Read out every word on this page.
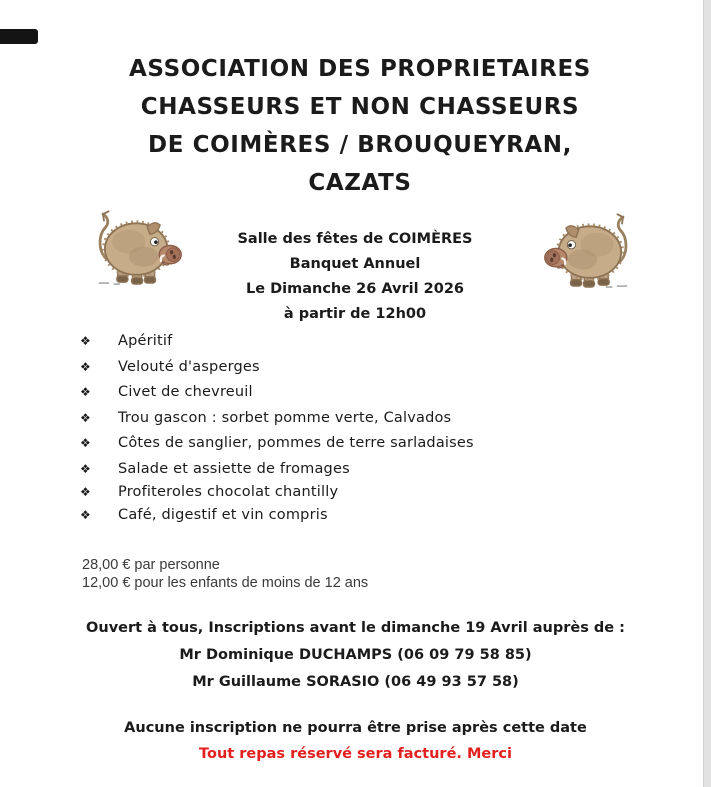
ASSOCIATION DES PROPRIETAIRES
CHASSEURS ET NON CHASSEURS
DE COIMÈRES / BROUQUEYRAN,
CAZATS
Salle des fêtes de COIMÈRES
Banquet Annuel
Le Dimanche 26 Avril 2026
à partir de 12h00
❖	Apéritif
❖	Velouté d'asperges
❖	Civet de chevreuil
❖	Trou gascon : sorbet pomme verte, Calvados
❖	Côtes de sanglier, pommes de terre sarladaises
❖	Salade et assiette de fromages
❖	Profiteroles chocolat chantilly
❖	Café, digestif et vin compris
28,00 € par personne
12,00 € pour les enfants de moins de 12 ans
Ouvert à tous, Inscriptions avant le dimanche 19 Avril auprès de :
Mr Dominique DUCHAMPS (06 09 79 58 85)
Mr Guillaume SORASIO (06 49 93 57 58)
Aucune inscription ne pourra être prise après cette date
Tout repas réservé sera facturé. Merci
